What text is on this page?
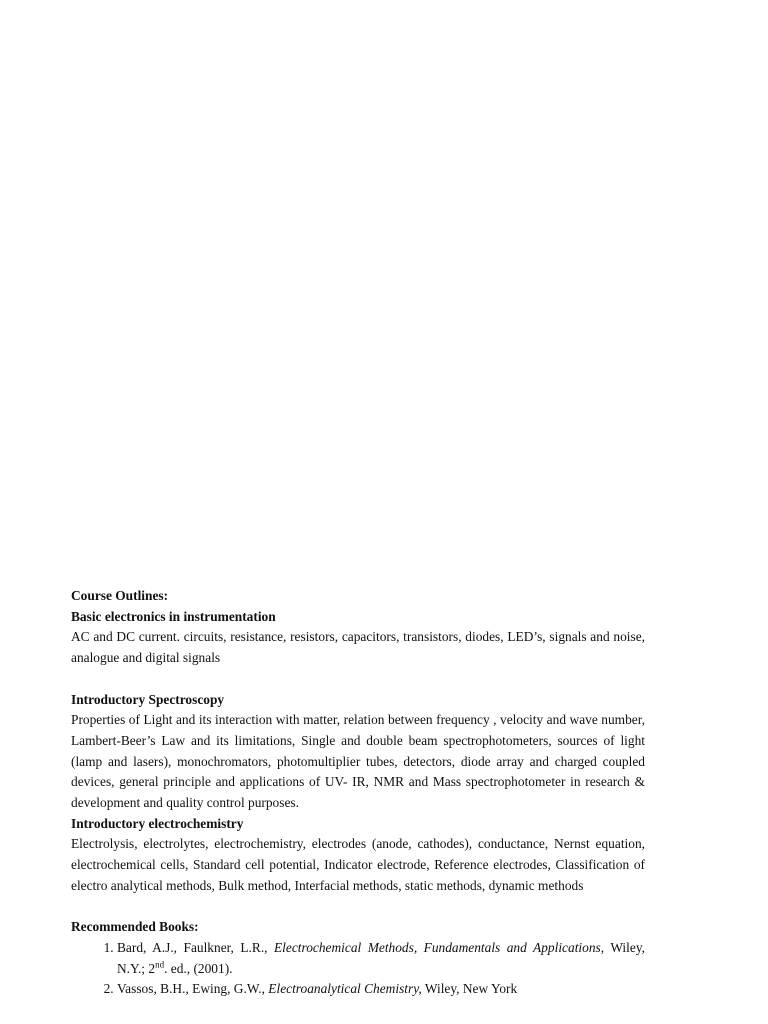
Course Outlines:

Basic electronics in instrumentation

AC and DC current. circuits, resistance, resistors, capacitors, transistors, diodes, LED’s, signals and noise, analogue and digital signals

Introductory Spectroscopy

Properties of Light and its interaction with matter, relation between frequency , velocity and wave number, Lambert-Beer’s Law and its limitations, Single and double beam spectrophotometers, sources of light (lamp and lasers), monochromators, photomultiplier tubes, detectors, diode array and charged coupled devices, general principle and applications of UV- IR, NMR and Mass spectrophotometer in research & development and quality control purposes.

Introductory electrochemistry

Electrolysis, electrolytes, electrochemistry, electrodes (anode, cathodes), conductance, Nernst equation, electrochemical cells, Standard cell potential, Indicator electrode, Reference electrodes, Classification of electro analytical methods, Bulk method, Interfacial methods, static methods, dynamic methods

Recommended Books:

1. Bard, A.J., Faulkner, L.R., Electrochemical Methods, Fundamentals and Applications, Wiley, N.Y.; 2nd. ed., (2001).
2. Vassos, B.H., Ewing, G.W., Electroanalytical Chemistry, Wiley, New York
